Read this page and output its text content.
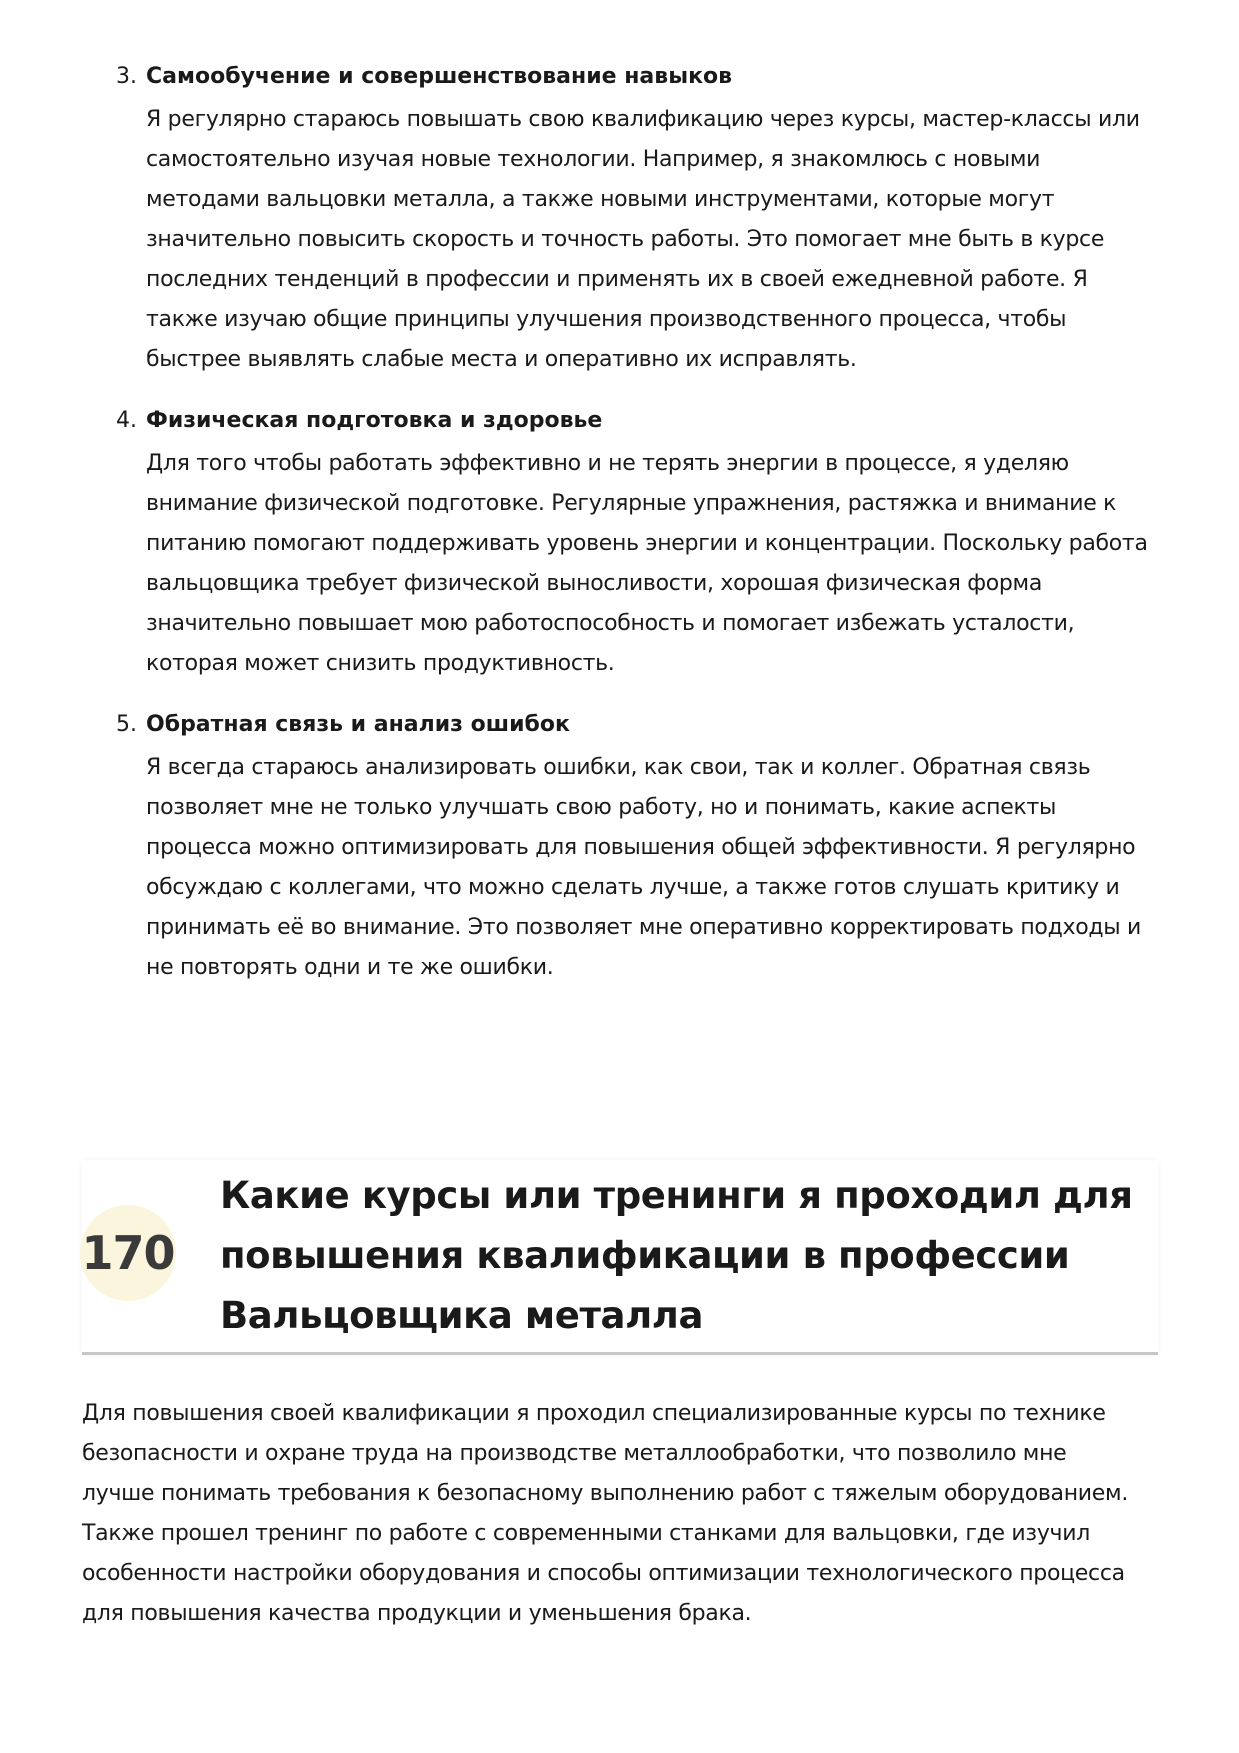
3. Самообучение и совершенствование навыков
Я регулярно стараюсь повышать свою квалификацию через курсы, мастер-классы или
самостоятельно изучая новые технологии. Например, я знакомлюсь с новыми
методами вальцовки металла, а также новыми инструментами, которые могут
значительно повысить скорость и точность работы. Это помогает мне быть в курсе
последних тенденций в профессии и применять их в своей ежедневной работе. Я
также изучаю общие принципы улучшения производственного процесса, чтобы
быстрее выявлять слабые места и оперативно их исправлять.
4. Физическая подготовка и здоровье
Для того чтобы работать эффективно и не терять энергии в процессе, я уделяю
внимание физической подготовке. Регулярные упражнения, растяжка и внимание к
питанию помогают поддерживать уровень энергии и концентрации. Поскольку работа
вальцовщика требует физической выносливости, хорошая физическая форма
значительно повышает мою работоспособность и помогает избежать усталости,
которая может снизить продуктивность.
5. Обратная связь и анализ ошибок
Я всегда стараюсь анализировать ошибки, как свои, так и коллег. Обратная связь
позволяет мне не только улучшать свою работу, но и понимать, какие аспекты
процесса можно оптимизировать для повышения общей эффективности. Я регулярно
обсуждаю с коллегами, что можно сделать лучше, а также готов слушать критику и
принимать её во внимание. Это позволяет мне оперативно корректировать подходы и
не повторять одни и те же ошибки.
170
Какие курсы или тренинги я проходил для
повышения квалификации в профессии
Вальцовщика металла
Для повышения своей квалификации я проходил специализированные курсы по технике
безопасности и охране труда на производстве металлообработки, что позволило мне
лучше понимать требования к безопасному выполнению работ с тяжелым оборудованием.
Также прошел тренинг по работе с современными станками для вальцовки, где изучил
особенности настройки оборудования и способы оптимизации технологического процесса
для повышения качества продукции и уменьшения брака.
